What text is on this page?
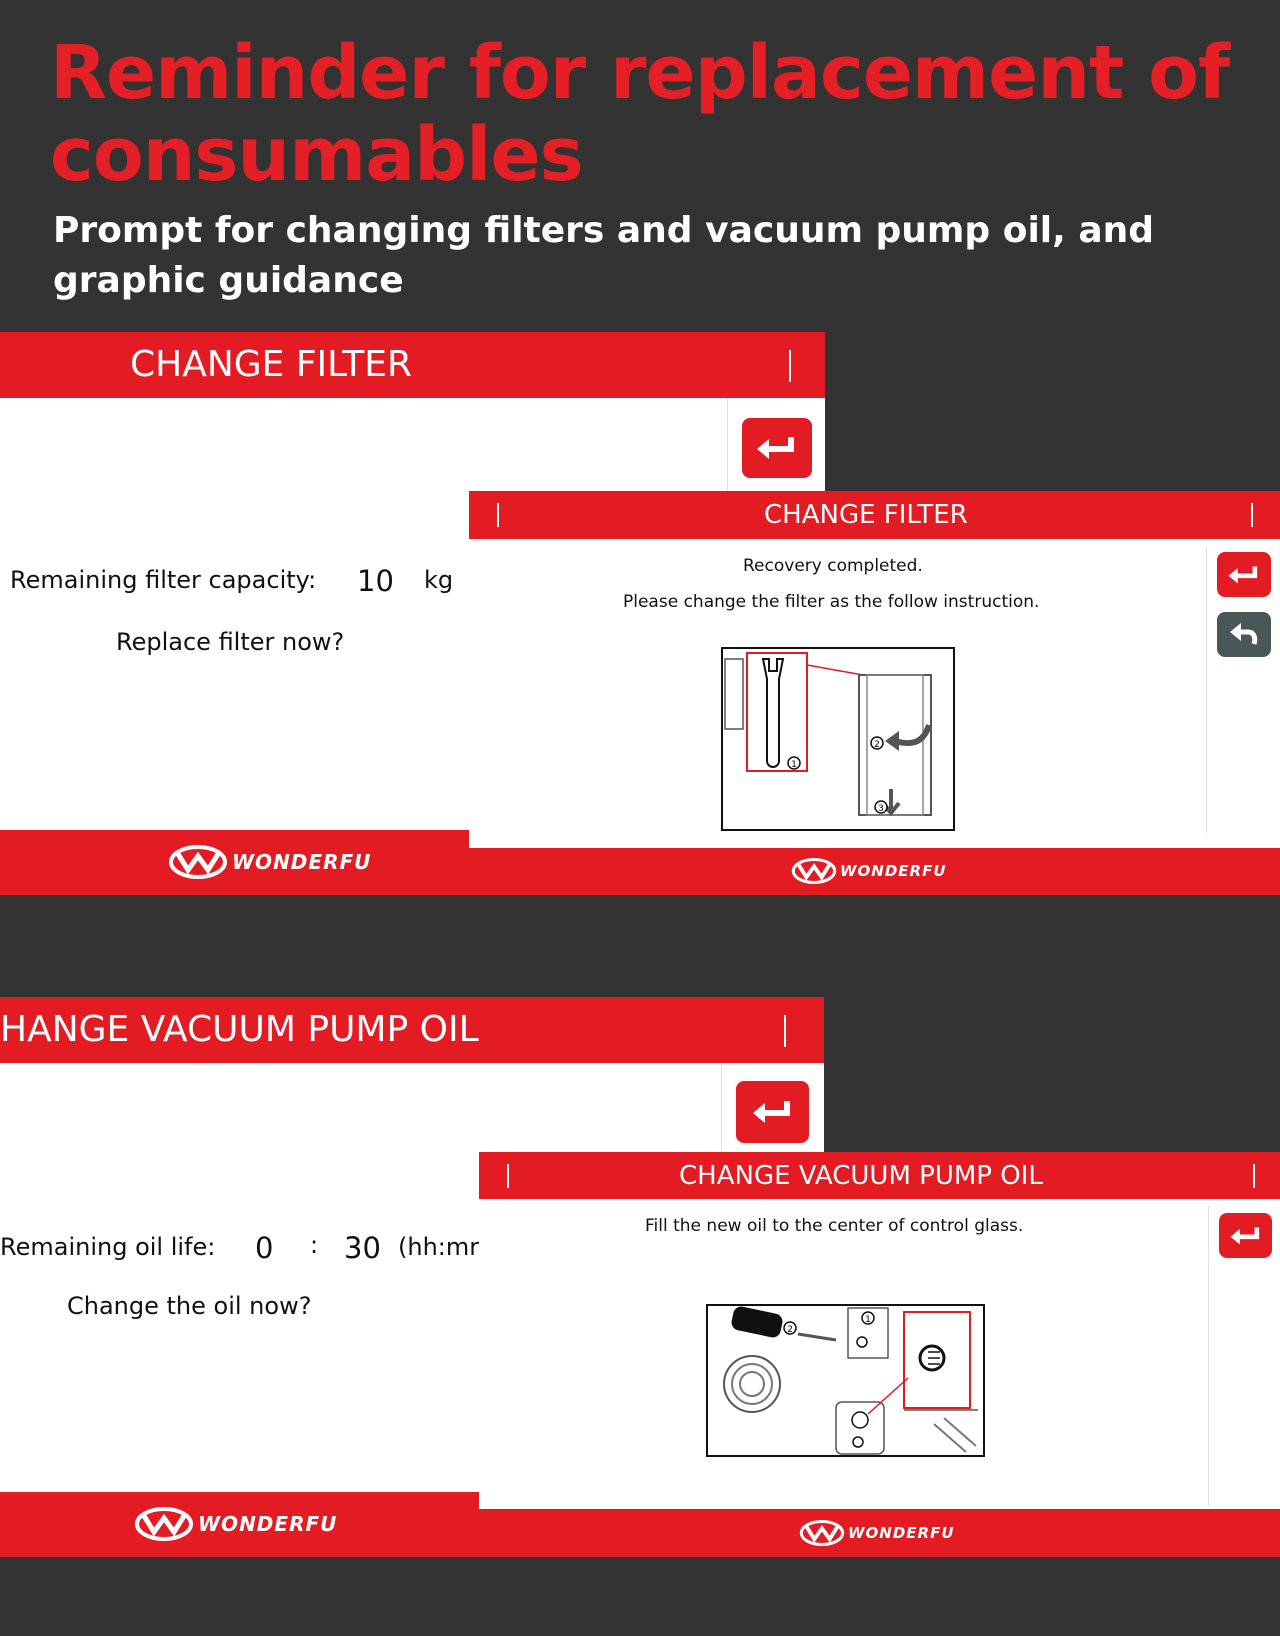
Reminder for replacement of consumables

Prompt for changing filters and vacuum pump oil, and graphic guidance

CHANGE FILTER
Remaining filter capacity: 10 kg
Replace filter now?
WONDERFU
CHANGE FILTER
Recovery completed.
Please change the filter as the follow instruction.
1
2
3
WONDERFU
HANGE VACUUM PUMP OIL
Remaining oil life: 0 : 30 (hh:mr
Change the oil now?
WONDERFU
CHANGE VACUUM PUMP OIL
Fill the new oil to the center of control glass.
1
2
WONDERFU
